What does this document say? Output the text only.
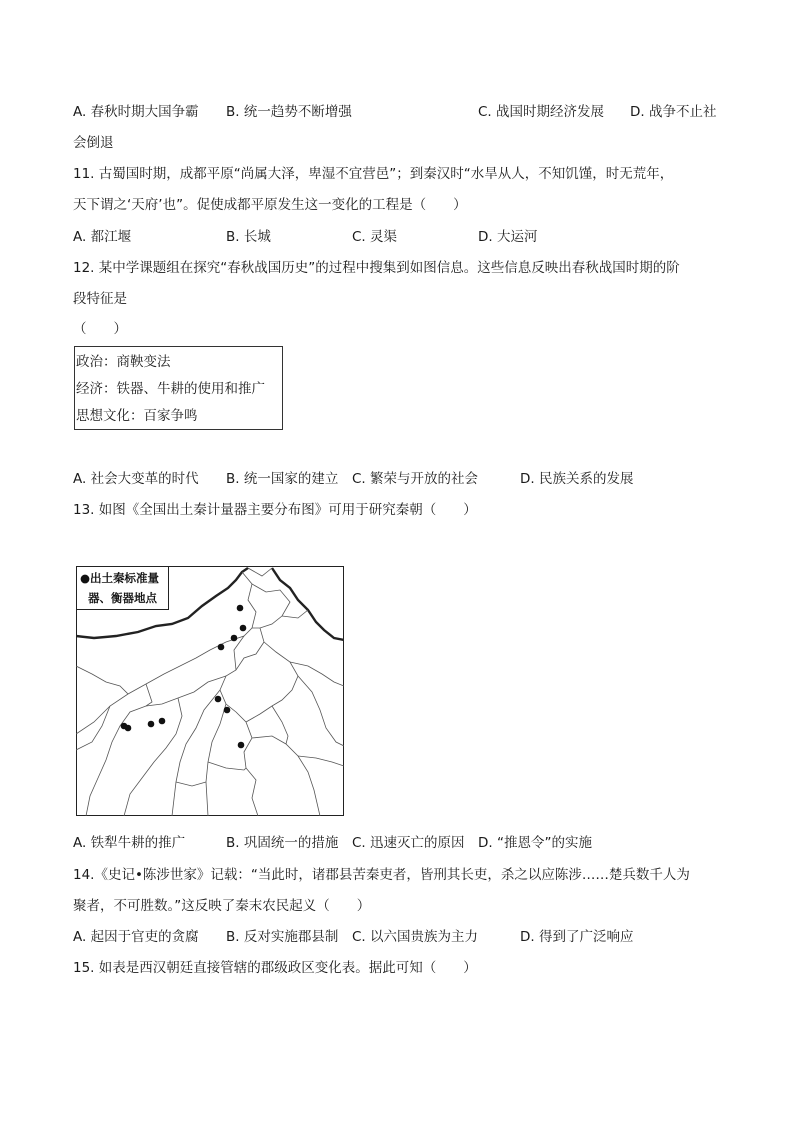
A. 春秋时期大国争霸 B. 统一趋势不断增强	C. 战国时期经济发展 D. 战争不止社
会倒退
11. 古蜀国时期，成都平原“尚属大泽，卑湿不宜营邑”；到秦汉时“水旱从人，不知饥馑，时无荒年，
天下谓之‘天府’也”。促使成都平原发生这一变化的工程是（　　）
A. 都江堰	B. 长城	C. 灵渠	D. 大运河
12. 某中学课题组在探究“春秋战国历史”的过程中搜集到如图信息。这些信息反映出春秋战国时期的阶
段特征是
（　　）
政治：商鞅变法
经济：铁器、牛耕的使用和推广
思想文化：百家争鸣
A. 社会大变革的时代 B. 统一国家的建立 C. 繁荣与开放的社会	D. 民族关系的发展
13. 如图《全国出土秦计量器主要分布图》可用于研究秦朝（　　）
●出土秦标准量
器、衡器地点
A. 铁犁牛耕的推广	B. 巩固统一的措施 C. 迅速灭亡的原因 D. “推恩令”的实施
14.《史记•陈涉世家》记载：“当此时，诸郡县苦秦吏者，皆刑其长吏，杀之以应陈涉……楚兵数千人为
聚者，不可胜数。”这反映了秦末农民起义（　　）
A. 起因于官吏的贪腐 B. 反对实施郡县制 C. 以六国贵族为主力	D. 得到了广泛响应
15. 如表是西汉朝廷直接管辖的郡级政区变化表。据此可知（　　）
